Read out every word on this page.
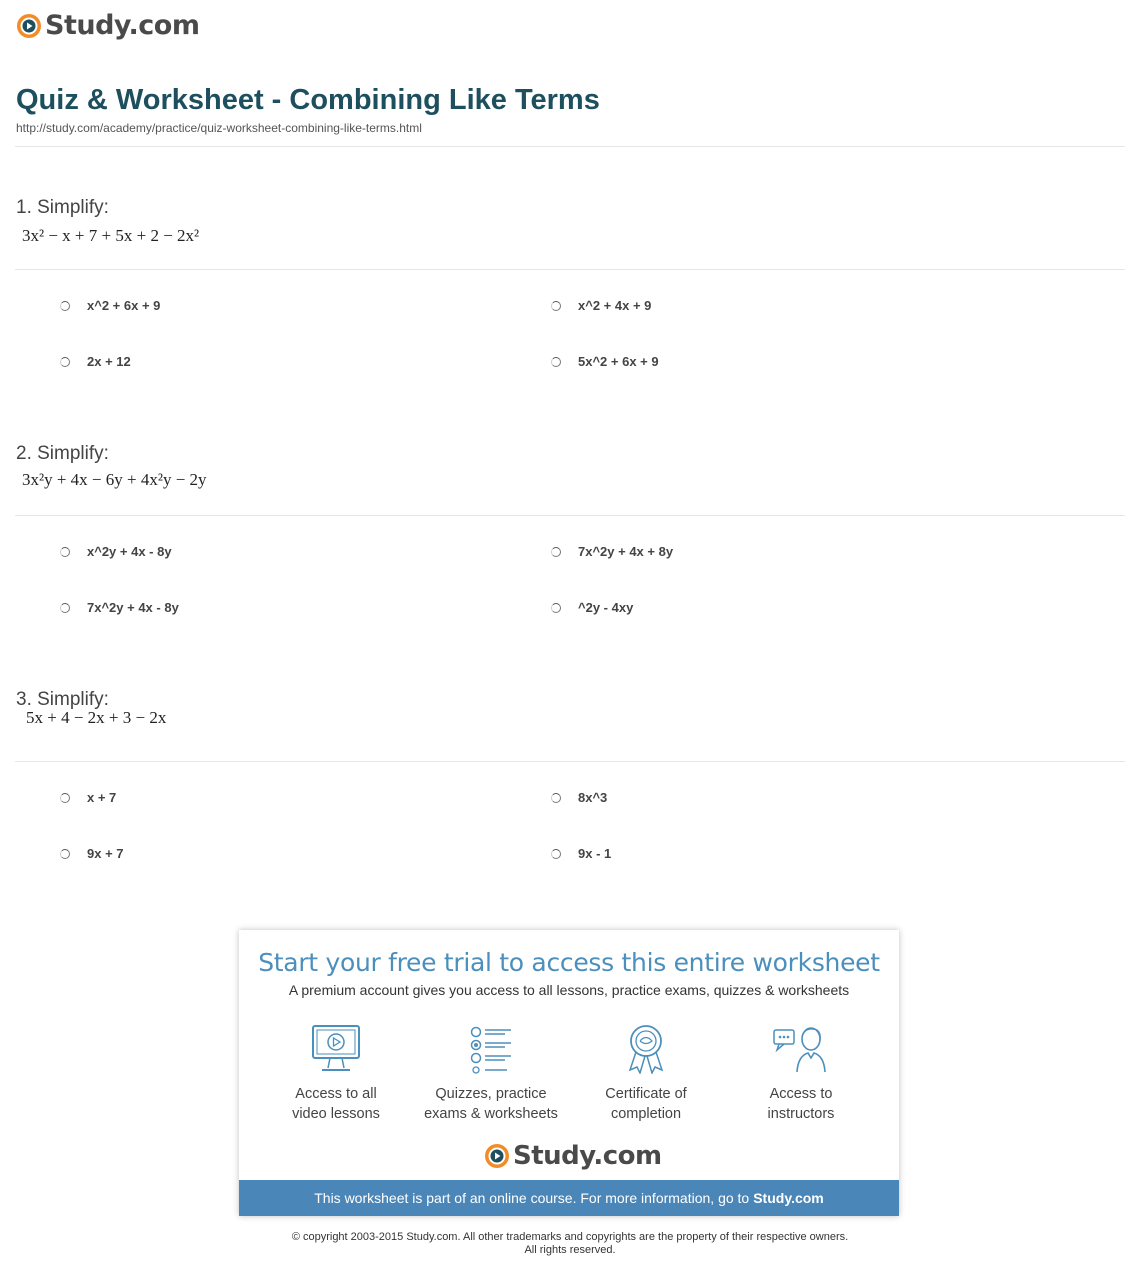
Study.com
Quiz & Worksheet - Combining Like Terms
http://study.com/academy/practice/quiz-worksheet-combining-like-terms.html
1. Simplify:
3x² − x + 7 + 5x + 2 − 2x²
x^2 + 6x + 9	x^2 + 4x + 9
2x + 12	5x^2 + 6x + 9
2. Simplify:
3x²y + 4x − 6y + 4x²y − 2y
x^2y + 4x - 8y	7x^2y + 4x + 8y
7x^2y + 4x - 8y	^2y - 4xy
3. Simplify:
5x + 4 − 2x + 3 − 2x
x + 7	8x^3
9x + 7	9x - 1
Start your free trial to access this entire worksheet
A premium account gives you access to all lessons, practice exams, quizzes & worksheets
Access to all
video lessons
Quizzes, practice
exams & worksheets
Certificate of
completion
Access to
instructors
Study.com
This worksheet is part of an online course. For more information, go to Study.com
© copyright 2003-2015 Study.com. All other trademarks and copyrights are the property of their respective owners.
All rights reserved.
